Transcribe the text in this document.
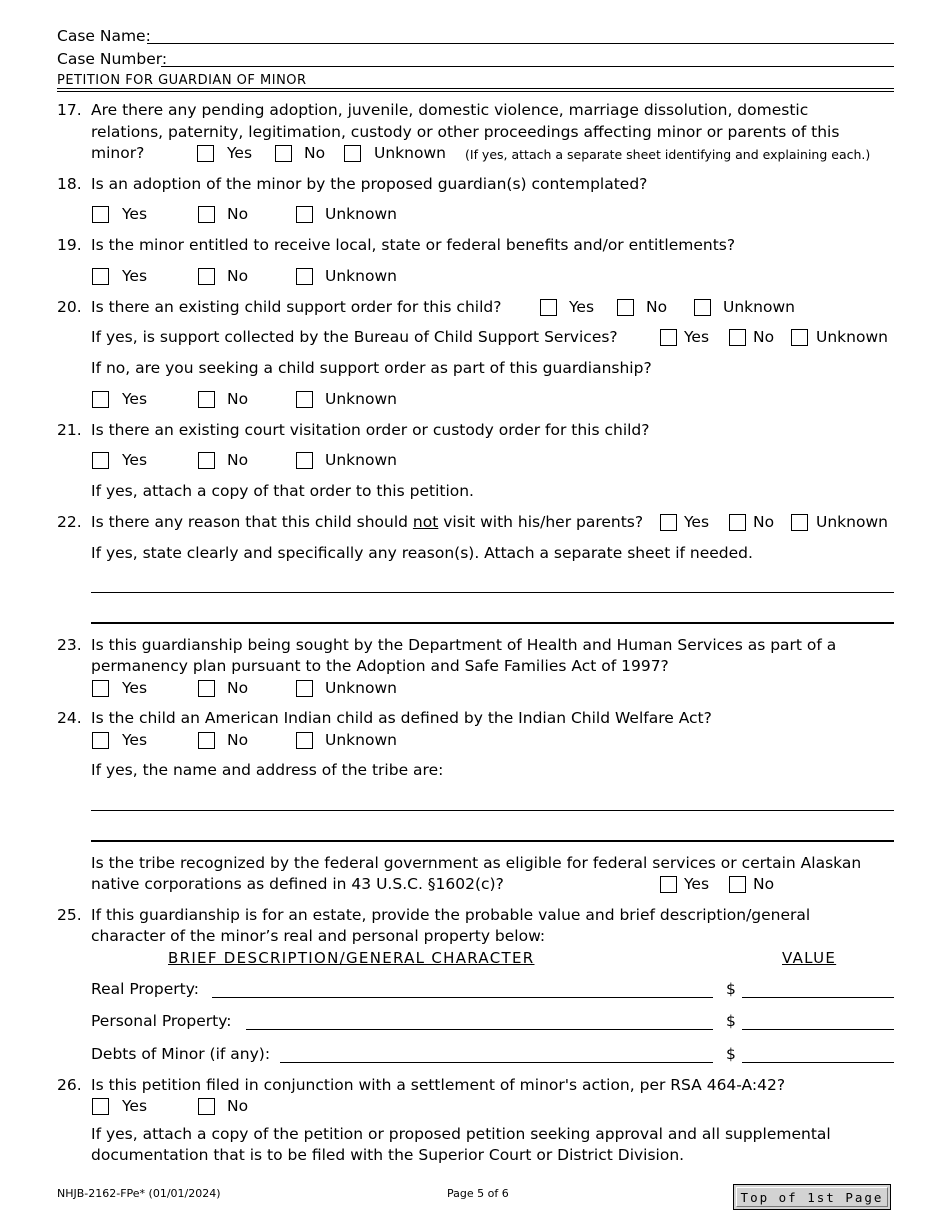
Case Name:
Case Number:
PETITION FOR GUARDIAN OF MINOR
17. Are there any pending adoption, juvenile, domestic violence, marriage dissolution, domestic
relations, paternity, legitimation, custody or other proceedings affecting minor or parents of this
minor?	Yes	No	Unknown (If yes, attach a separate sheet identifying and explaining each.)
18. Is an adoption of the minor by the proposed guardian(s) contemplated?
Yes	No	Unknown
19. Is the minor entitled to receive local, state or federal benefits and/or entitlements?
Yes	No	Unknown
20. Is there an existing child support order for this child?	Yes	No	Unknown
If yes, is support collected by the Bureau of Child Support Services?	Yes	No	Unknown
If no, are you seeking a child support order as part of this guardianship?
Yes	No	Unknown
21. Is there an existing court visitation order or custody order for this child?
Yes	No	Unknown
If yes, attach a copy of that order to this petition.
22. Is there any reason that this child should not visit with his/her parents?	Yes	No	Unknown
If yes, state clearly and specifically any reason(s). Attach a separate sheet if needed.
23. Is this guardianship being sought by the Department of Health and Human Services as part of a
permanency plan pursuant to the Adoption and Safe Families Act of 1997?
Yes	No	Unknown
24. Is the child an American Indian child as defined by the Indian Child Welfare Act?
Yes	No	Unknown
If yes, the name and address of the tribe are:
Is the tribe recognized by the federal government as eligible for federal services or certain Alaskan
native corporations as defined in 43 U.S.C. §1602(c)?	Yes	No
25. If this guardianship is for an estate, provide the probable value and brief description/general
character of the minor’s real and personal property below:
BRIEF DESCRIPTION/GENERAL CHARACTER	VALUE
Real Property:	$
Personal Property:	$
Debts of Minor (if any):	$
26. Is this petition filed in conjunction with a settlement of minor's action, per RSA 464-A:42?
Yes	No
If yes, attach a copy of the petition or proposed petition seeking approval and all supplemental
documentation that is to be filed with the Superior Court or District Division.
NHJB-2162-FPe* (01/01/2024)	Page 5 of 6	Top of 1st Page
